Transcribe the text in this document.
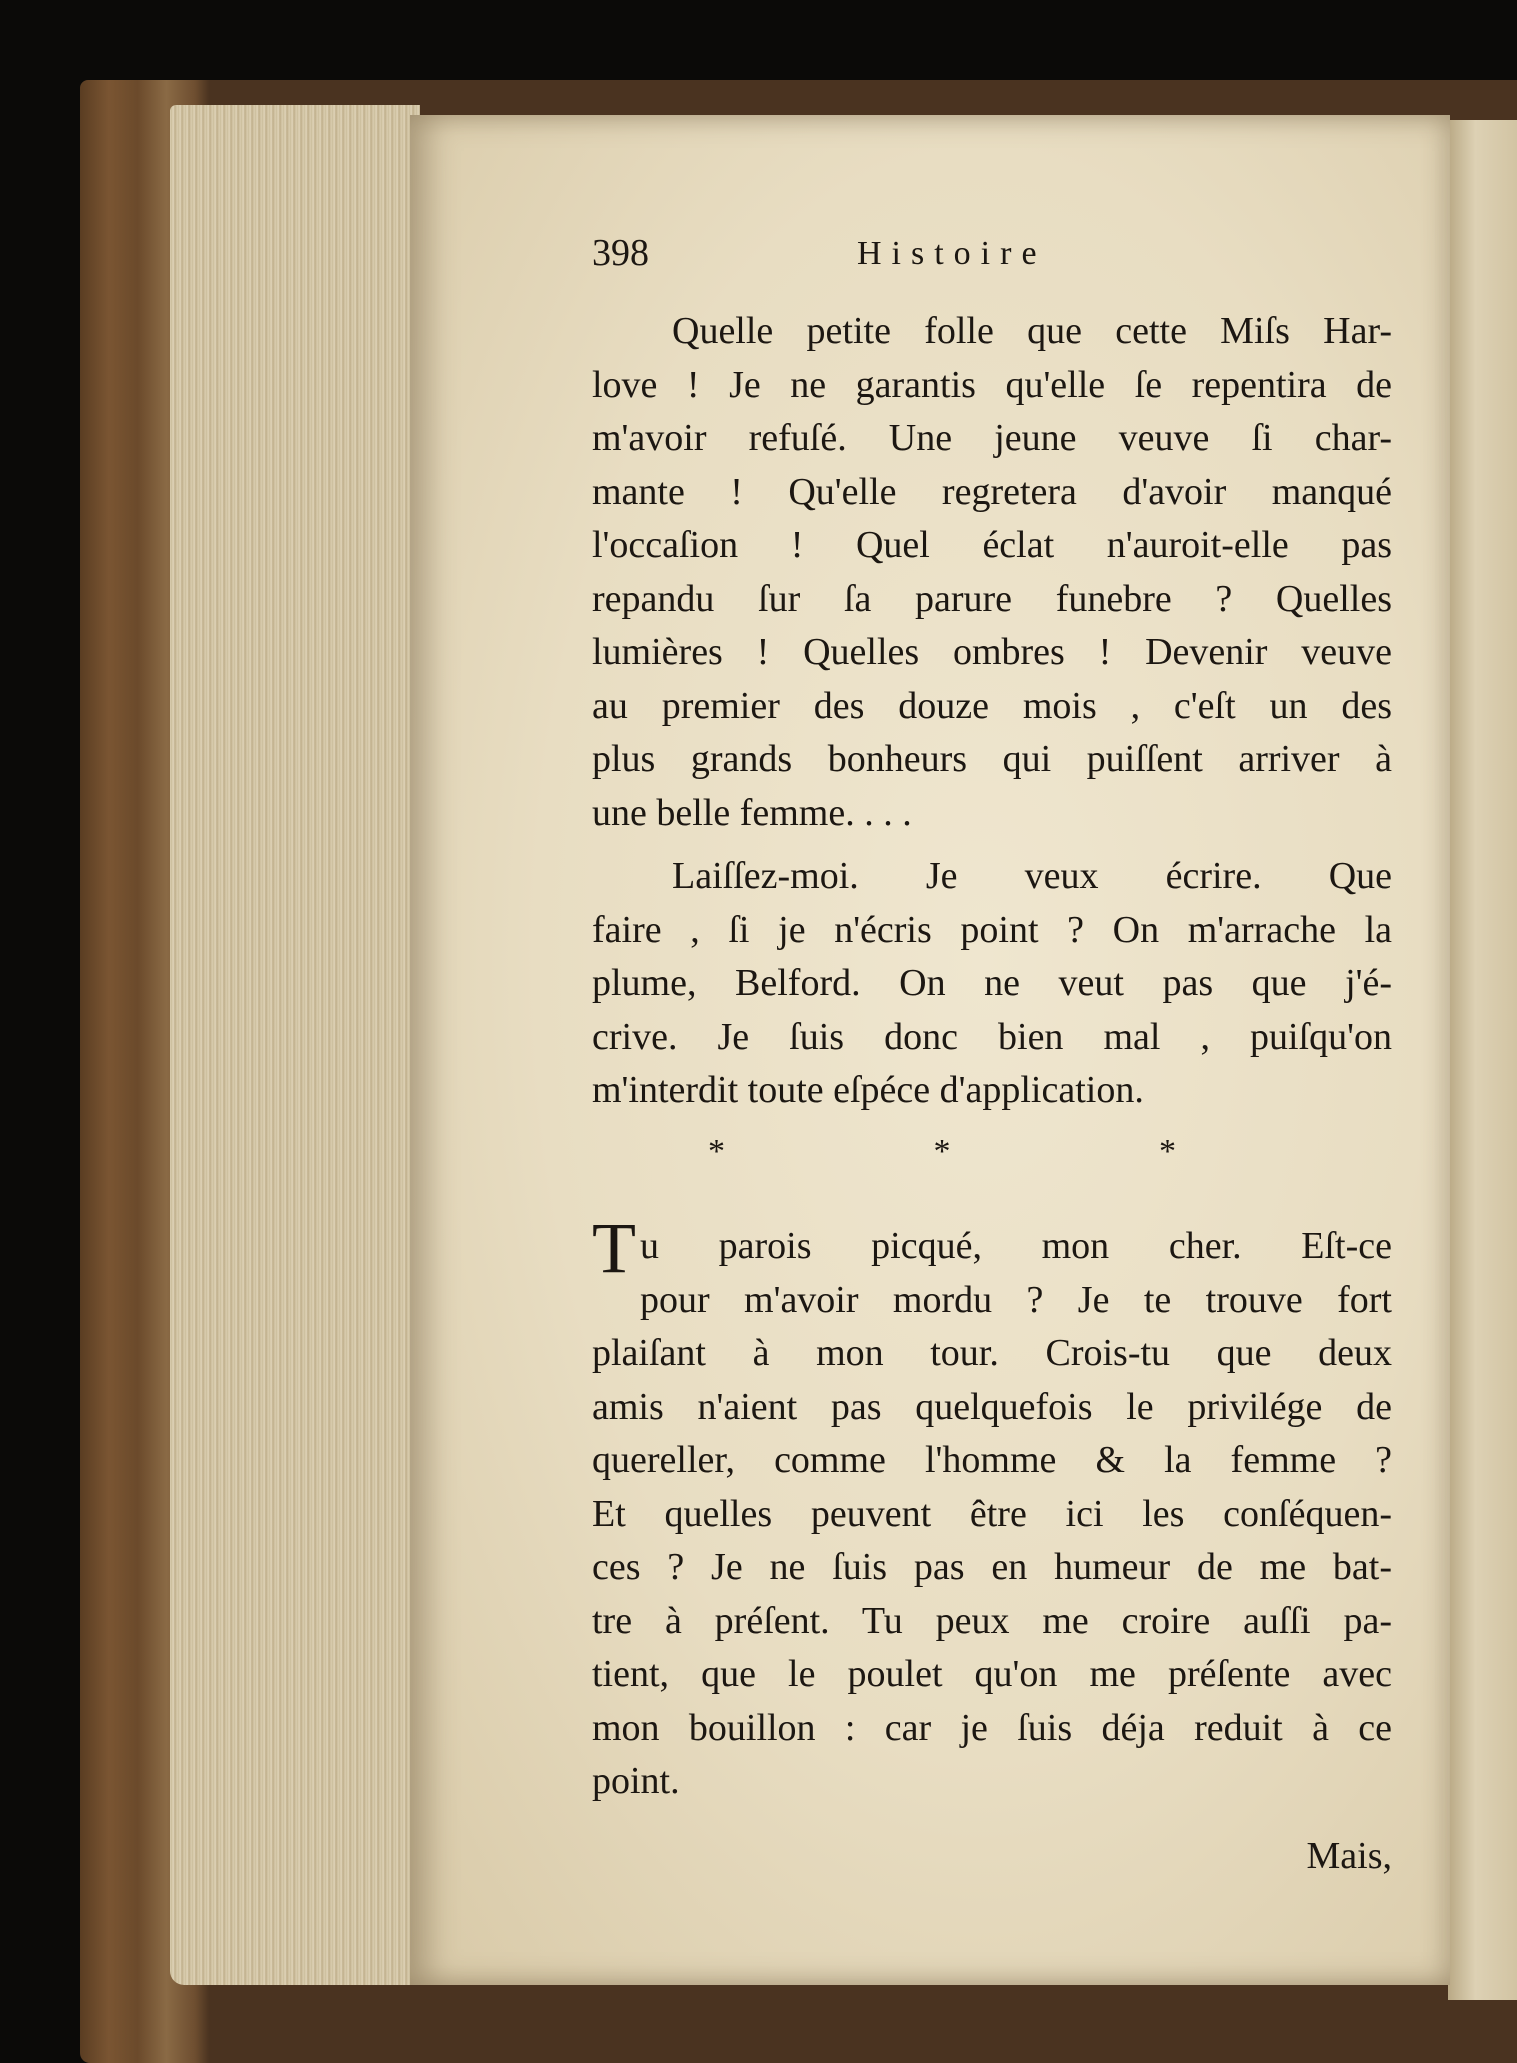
398	Histoire
Quelle petite folle que cette Miſs Har-
love ! Je ne garantis qu'elle ſe repentira de
m'avoir refuſé. Une jeune veuve ſi char-
mante ! Qu'elle regretera d'avoir manqué
l'occaſion ! Quel éclat n'auroit-elle pas
repandu ſur ſa parure funebre ? Quelles
lumières ! Quelles ombres ! Devenir veuve
au premier des douze mois , c'eſt un des
plus grands bonheurs qui puiſſent arriver à
une belle femme. . . .
Laiſſez-moi. Je veux écrire. Que
faire , ſi je n'écris point ? On m'arrache la
plume, Belford. On ne veut pas que j'é-
crive. Je ſuis donc bien mal , puiſqu'on
m'interdit toute eſpéce d'application.
* * *
T u parois picqué, mon cher. Eſt-ce
pour m'avoir mordu ? Je te trouve fort
plaiſant à mon tour. Crois-tu que deux
amis n'aient pas quelquefois le privilége de
quereller, comme l'homme & la femme ?
Et quelles peuvent être ici les conſéquen-
ces ? Je ne ſuis pas en humeur de me bat-
tre à préſent. Tu peux me croire auſſi pa-
tient, que le poulet qu'on me préſente avec
mon bouillon : car je ſuis déja reduit à ce
point.
Mais,
